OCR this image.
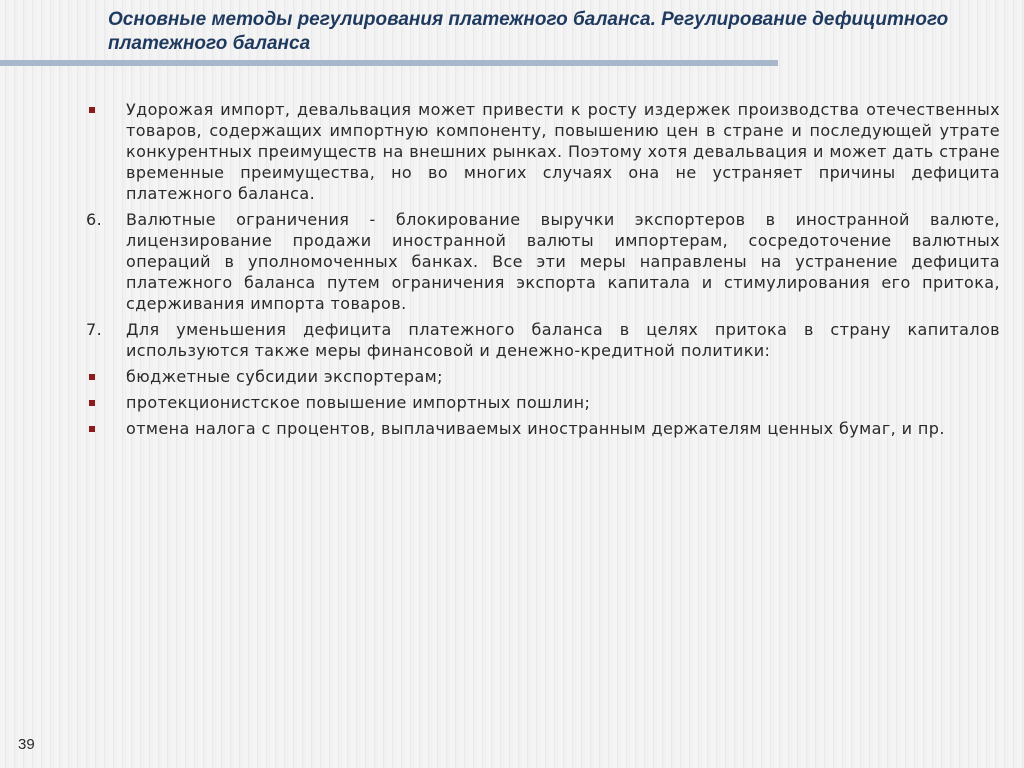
Основные методы регулирования платежного баланса. Регулирование дефицитного платежного баланса
Удорожая импорт, девальвация может привести к росту издержек производства отечественных товаров, содержащих импортную компоненту, повышению цен в стране и последующей утрате конкурентных преимуществ на внешних рынках. Поэтому хотя девальвация и может дать стране временные преимущества, но во многих случаях она не устраняет причины дефицита платежного баланса.
6.	Валютные ограничения - блокирование выручки экспортеров в иностранной валюте, лицензирование продажи иностранной валюты импортерам, сосредоточение валютных операций в уполномоченных банках. Все эти меры направлены на устранение дефицита платежного баланса путем ограничения экспорта капитала и стимулирования его притока, сдерживания импорта товаров.
7.	Для уменьшения дефицита платежного баланса в целях притока в страну капиталов используются также меры финансовой и денежно-кредитной политики:
бюджетные субсидии экспортерам;
протекционистское повышение импортных пошлин;
отмена налога с процентов, выплачиваемых иностранным держателям ценных бумаг, и пр.
39
